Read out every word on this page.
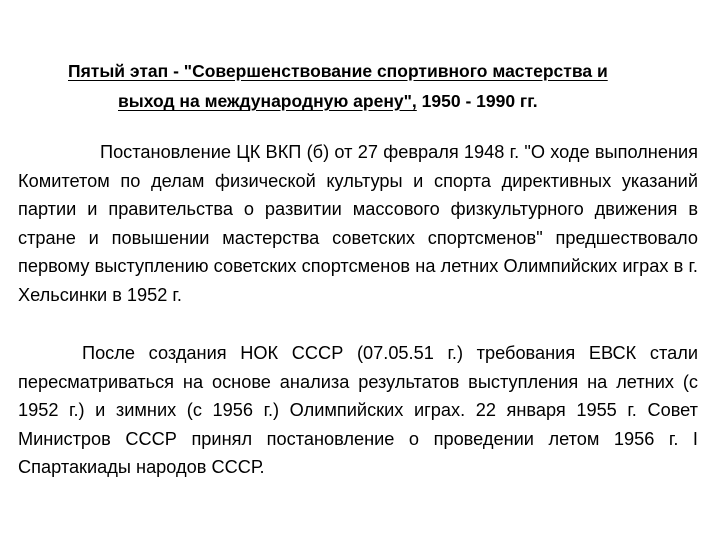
Пятый этап - "Совершенствование спортивного мастерства и
выход на международную арену", 1950 - 1990 гг.

Постановление ЦК ВКП (б) от 27 февраля 1948 г. "О ходе выполнения Комитетом по делам физической культуры и спорта директивных указаний партии и правительства о развитии массового физкультурного движения в стране и повышении мастерства советских спортсменов" предшествовало первому выступлению советских спортсменов на летних Олимпийских играх в г. Хельсинки в 1952 г.

После создания НОК СССР (07.05.51 г.) требования ЕВСК стали пересматриваться на основе анализа результатов выступления на летних (с 1952 г.) и зимних (с 1956 г.) Олимпийских играх. 22 января 1955 г. Совет Министров СССР принял постановление о проведении летом 1956 г. I Спартакиады народов СССР.
